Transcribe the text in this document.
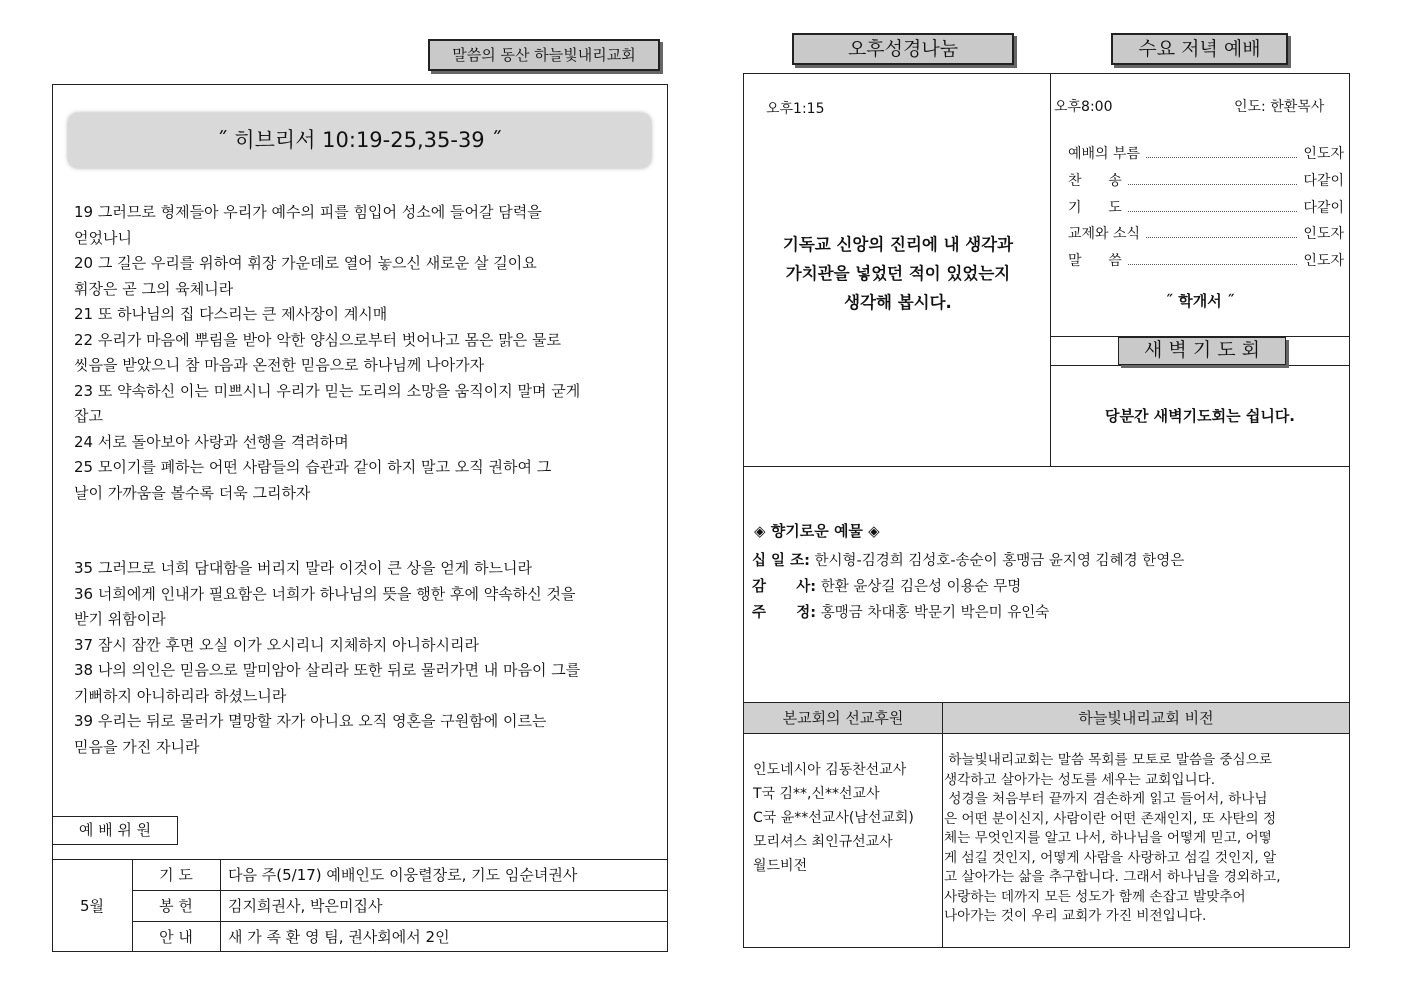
말씀의 동산 하늘빛내리교회
˝ 히브리서 10:19-25,35-39 ˝
19 그러므로 형제들아 우리가 예수의 피를 힘입어 성소에 들어갈 담력을
얻었나니
20 그 길은 우리를 위하여 휘장 가운데로 열어 놓으신 새로운 살 길이요
휘장은 곧 그의 육체니라
21 또 하나님의 집 다스리는 큰 제사장이 계시매
22 우리가 마음에 뿌림을 받아 악한 양심으로부터 벗어나고 몸은 맑은 물로
씻음을 받았으니 참 마음과 온전한 믿음으로 하나님께 나아가자
23 또 약속하신 이는 미쁘시니 우리가 믿는 도리의 소망을 움직이지 말며 굳게
잡고
24 서로 돌아보아 사랑과 선행을 격려하며
25 모이기를 폐하는 어떤 사람들의 습관과 같이 하지 말고 오직 권하여 그
날이 가까움을 볼수록 더욱 그리하자
35 그러므로 너희 담대함을 버리지 말라 이것이 큰 상을 얻게 하느니라
36 너희에게 인내가 필요함은 너희가 하나님의 뜻을 행한 후에 약속하신 것을
받기 위함이라
37 잠시 잠깐 후면 오실 이가 오시리니 지체하지 아니하시리라
38 나의 의인은 믿음으로 말미암아 살리라 또한 뒤로 물러가면 내 마음이 그를
기뻐하지 아니하리라 하셨느니라
39 우리는 뒤로 물러가 멸망할 자가 아니요 오직 영혼을 구원함에 이르는
믿음을 가진 자니라
예 배 위 원
5월
기 도	다음 주(5/17) 예배인도 이웅렬장로, 기도 임순녀권사
봉 헌	김지희권사, 박은미집사
안 내	새 가 족 환 영 팀, 권사회에서 2인
오후성경나눔	수요 저녁 예배
오후1:15
기독교 신앙의 진리에 내 생각과
가치관을 넣었던 적이 있었는지
생각해 봅시다.
오후8:00	인도: 한환목사
예배의 부름	인도자
찬      송	다같이
기      도	다같이
교제와 소식	인도자
말      씀	인도자
˝ 학개서 ˝
새 벽 기 도 회
당분간 새벽기도회는 쉽니다.
◈ 향기로운 예물 ◈
십 일 조: 한시형-김경희 김성호-송순이 홍맹금 윤지영 김혜경 한영은
감      사: 한환 윤상길 김은성 이용순 무명
주      정: 홍맹금 차대홍 박문기 박은미 유인숙
본교회의 선교후원	하늘빛내리교회 비전
인도네시아 김동찬선교사
T국 김**,신**선교사
C국 윤**선교사(남선교회)
모리셔스 최인규선교사
월드비전
하늘빛내리교회는 말씀 목회를 모토로 말씀을 중심으로
생각하고 살아가는 성도를 세우는 교회입니다.
성경을 처음부터 끝까지 겸손하게 읽고 들어서, 하나님
은 어떤 분이신지, 사람이란 어떤 존재인지, 또 사탄의 정
체는 무엇인지를 알고 나서, 하나님을 어떻게 믿고, 어떻
게 섬길 것인지, 어떻게 사람을 사랑하고 섬길 것인지, 알
고 살아가는 삶을 추구합니다. 그래서 하나님을 경외하고,
사랑하는 데까지 모든 성도가 함께 손잡고 발맞추어
나아가는 것이 우리 교회가 가진 비전입니다.
